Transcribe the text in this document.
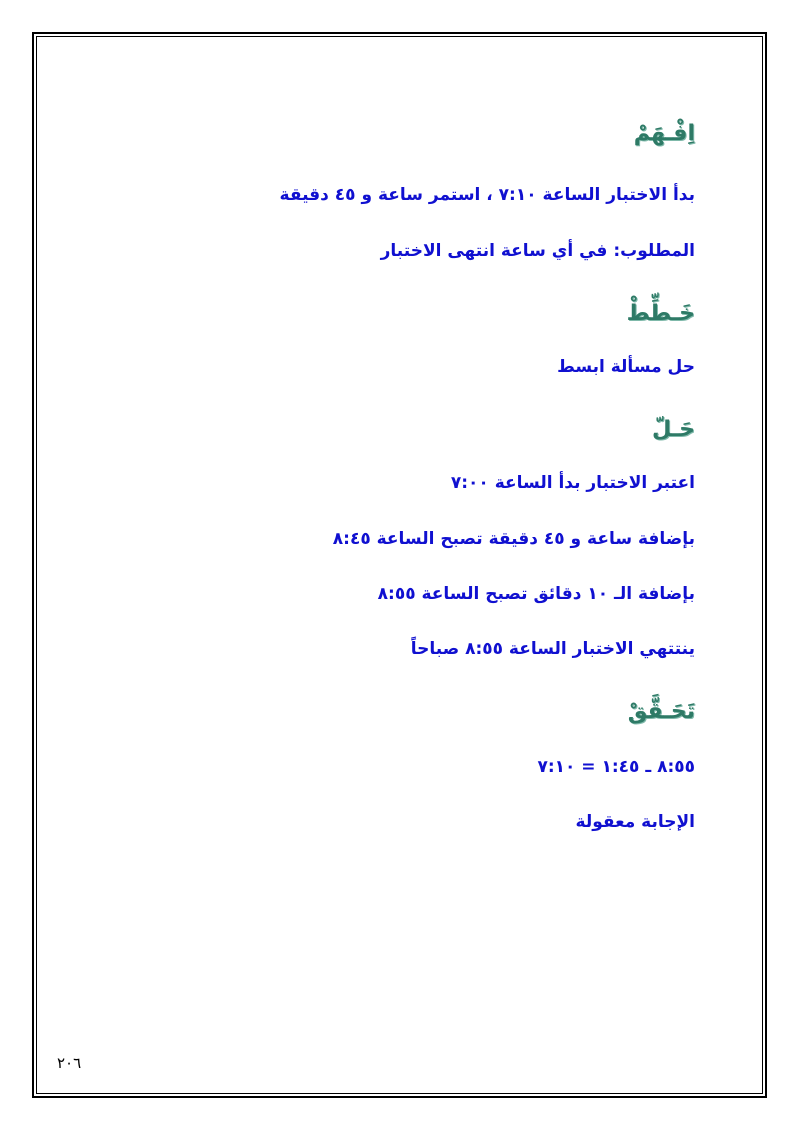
اِفْـهَمْ
بدأ الاختبار الساعة ٧:١٠ ، استمر ساعة و ٤٥ دقيقة
المطلوب: في أي ساعة انتهى الاختبار
خَـطِّطْ
حل مسألة ابسط
حَـلّ
اعتبر الاختبار بدأ الساعة ٧:٠٠
بإضافة ساعة و ٤٥ دقيقة تصبح الساعة ٨:٤٥
بإضافة الـ ١٠ دقائق تصبح الساعة ٨:٥٥
ينتتهي الاختبار الساعة ٨:٥٥ صباحاً
تَحَـقَّقْ
٨:٥٥ ـ ١:٤٥ = ٧:١٠
الإجابة معقولة
٢٠٦
